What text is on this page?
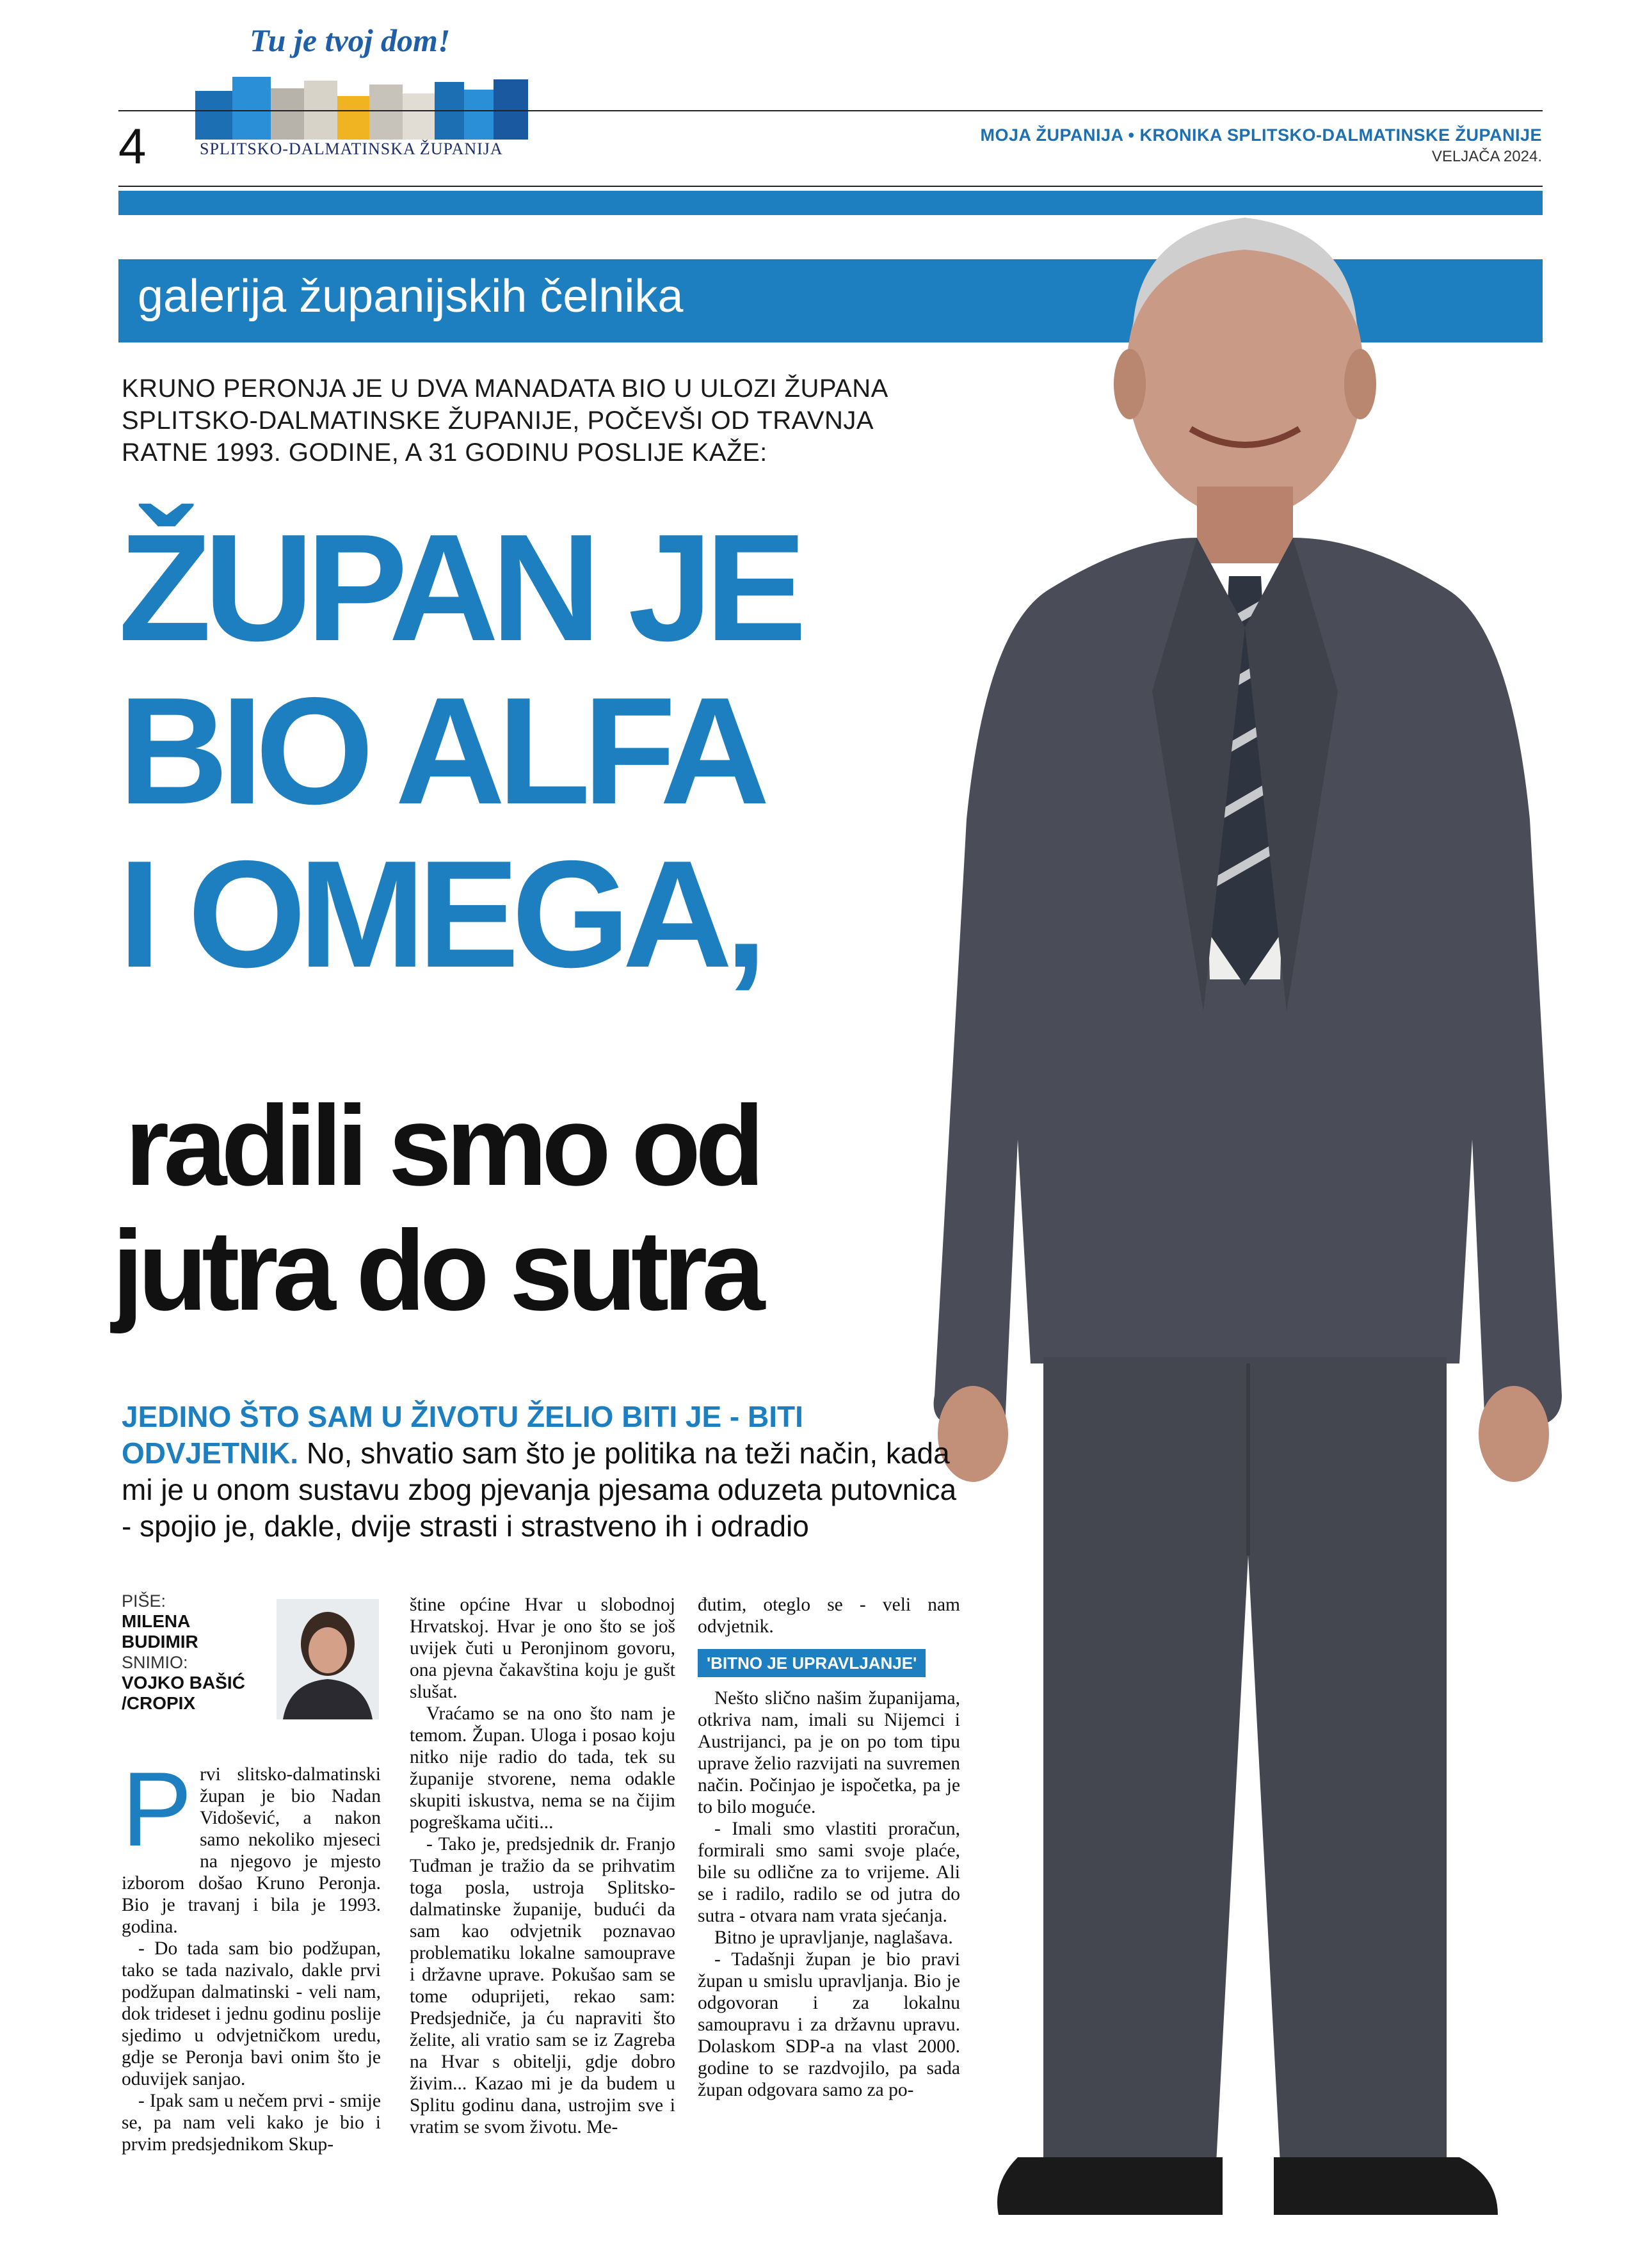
Tu je tvoj dom!
SPLITSKO-DALMATINSKA ŽUPANIJA
4	MOJA ŽUPANIJA • KRONIKA SPLITSKO-DALMATINSKE ŽUPANIJE
VELJAČA 2024.
galerija županijskih čelnika
KRUNO PERONJA JE U DVA MANADATA BIO U ULOZI ŽUPANA SPLITSKO-DALMATINSKE ŽUPANIJE, POČEVŠI OD TRAVNJA RATNE 1993. GODINE, A 31 GODINU POSLIJE KAŽE:
ŽUPAN JE
BIO ALFA
I OMEGA,
radili smo od
jutra do sutra
JEDINO ŠTO SAM U ŽIVOTU ŽELIO BITI JE - BITI ODVJETNIK. No, shvatio sam što je politika na teži način, kada mi je u onom sustavu zbog pjevanja pjesama oduzeta putovnica - spojio je, dakle, dvije strasti i strastveno ih i odradio
PIŠE:
MILENA BUDIMIR
SNIMIO:
VOJKO BAŠIĆ /CROPIX
P rvi slitsko-dalmatinski župan je bio Nadan Vidošević, a nakon samo nekoliko mjeseci na njegovo je mjesto izborom došao Kruno Peronja. Bio je travanj i bila je 1993. godina.

- Do tada sam bio podžupan, tako se tada nazivalo, dakle prvi podžupan dalmatinski - veli nam, dok trideset i jednu godinu poslije sjedimo u odvjetničkom uredu, gdje se Peronja bavi onim što je oduvijek sanjao.

- Ipak sam u nečem prvi - smije se, pa nam veli kako je bio i prvim predsjednikom Skup-

štine općine Hvar u slobodnoj Hrvatskoj. Hvar je ono što se još uvijek čuti u Peronjinom govoru, ona pjevna čakavština koju je gušt slušat.

Vraćamo se na ono što nam je temom. Župan. Uloga i posao koju nitko nije radio do tada, tek su županije stvorene, nema odakle skupiti iskustva, nema se na čijim pogreškama učiti...

- Tako je, predsjednik dr. Franjo Tuđman je tražio da se prihvatim toga posla, ustroja Splitsko-dalmatinske županije, budući da sam kao odvjetnik poznavao problematiku lokalne samouprave i državne uprave. Pokušao sam se tome oduprijeti, rekao sam: Predsjedniče, ja ću napraviti što želite, ali vratio sam se iz Zagreba na Hvar s obitelji, gdje dobro živim... Kazao mi je da budem u Splitu godinu dana, ustrojim sve i vratim se svom životu. Me-

đutim, oteglo se - veli nam odvjetnik.

'BITNO JE UPRAVLJANJE'

Nešto slično našim županijama, otkriva nam, imali su Nijemci i Austrijanci, pa je on po tom tipu uprave želio razvijati na suvremen način. Počinjao je ispočetka, pa je to bilo moguće.

- Imali smo vlastiti proračun, formirali smo sami svoje plaće, bile su odlične za to vrijeme. Ali se i radilo, radilo se od jutra do sutra - otvara nam vrata sjećanja.

Bitno je upravljanje, naglašava.

- Tadašnji župan je bio pravi župan u smislu upravljanja. Bio je odgovoran i za lokalnu samoupravu i za državnu upravu. Dolaskom SDP-a na vlast 2000. godine to se razdvojilo, pa sada župan odgovara samo za po-
